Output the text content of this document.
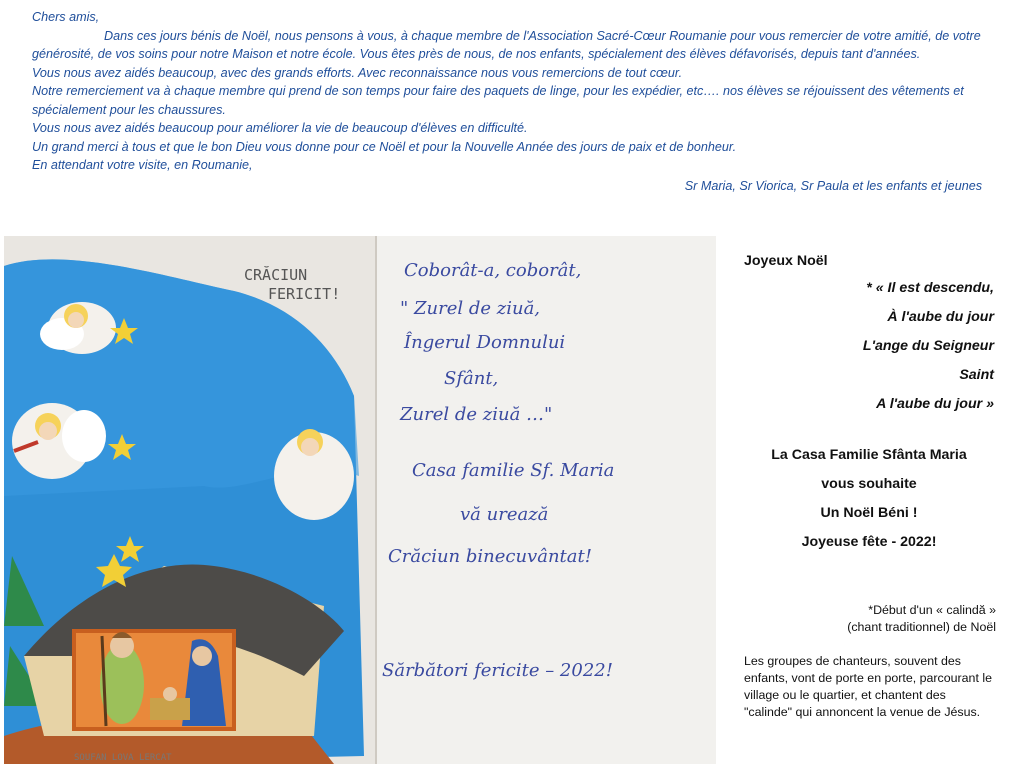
Chers amis,

Dans ces jours bénis de Noël, nous pensons à vous, à chaque membre de l'Association Sacré-Cœur Roumanie pour vous remercier de votre amitié, de votre générosité, de vos soins pour notre Maison et notre école. Vous êtes près de nous, de nos enfants, spécialement des élèves défavorisés, depuis tant d'années.

Vous nous avez aidés beaucoup, avec des grands efforts. Avec reconnaissance nous vous remercions de tout cœur.

Notre remerciement va à chaque membre qui prend de son temps pour faire des paquets de linge, pour les expédier, etc…. nos élèves se réjouissent des vêtements et spécialement pour les chaussures.

Vous nous avez aidés beaucoup pour améliorer la vie de beaucoup d'élèves en difficulté.

Un grand merci à tous et que le bon Dieu vous donne pour ce Noël et pour la Nouvelle Année des jours de paix et de bonheur.

En attendant votre visite, en Roumanie,

Sr Maria, Sr Viorica, Sr Paula et les enfants et jeunes

CRĂCIUN
FERICIT!
SOUFAN LOVA LERCAT
Coborât-a, coborât,
" Zurel de ziuă,
Îngerul Domnului
Sfânt,
Zurel de ziuă …"
Casa familie Sf. Maria
vă urează
Crăciun binecuvântat!
Sărbători fericite – 2022!
Joyeux Noël

* « Il est descendu,

À l'aube du jour

L'ange du Seigneur

Saint

A l'aube du jour »

La Casa Familie Sfânta Maria

vous souhaite

Un Noël Béni !

Joyeuse fête - 2022!

*Début d'un « calindă »

(chant traditionnel) de Noël

Les groupes de chanteurs, souvent des enfants, vont de porte en porte, parcourant le village ou le quartier, et chantent des "calinde" qui annoncent la venue de Jésus.
